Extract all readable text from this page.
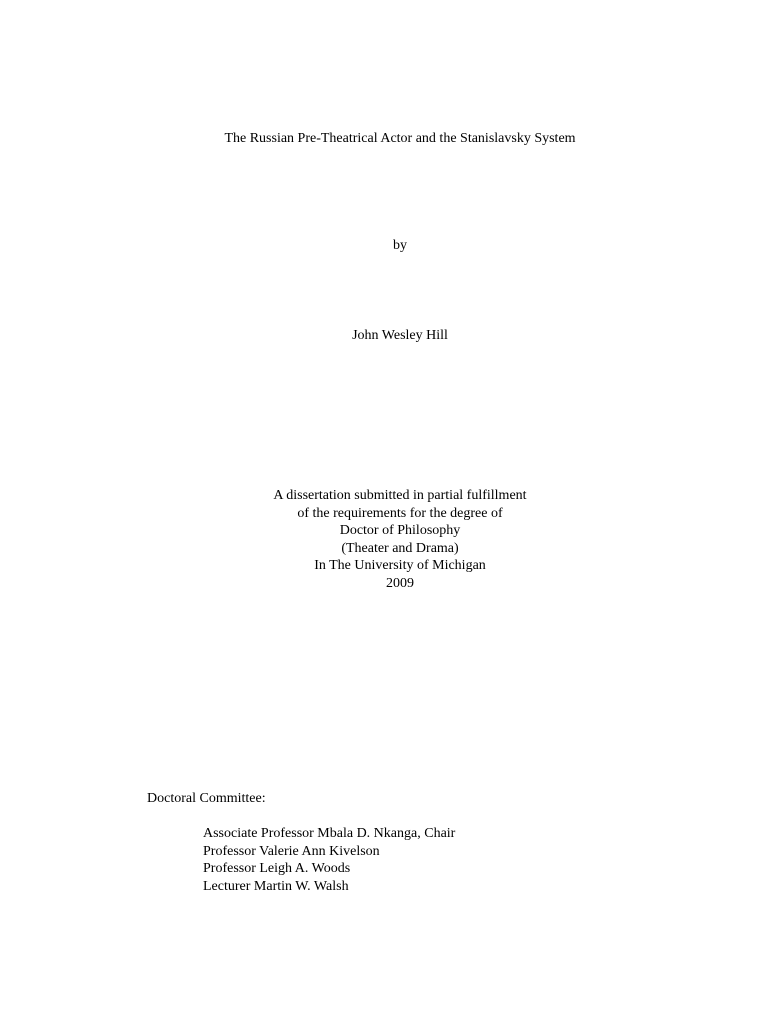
The Russian Pre-Theatrical Actor and the Stanislavsky System
by
John Wesley Hill
A dissertation submitted in partial fulfillment
of the requirements for the degree of
Doctor of Philosophy
(Theater and Drama)
In The University of Michigan
2009
Doctoral Committee:
Associate Professor Mbala D. Nkanga, Chair
Professor Valerie Ann Kivelson
Professor Leigh A. Woods
Lecturer Martin W. Walsh
